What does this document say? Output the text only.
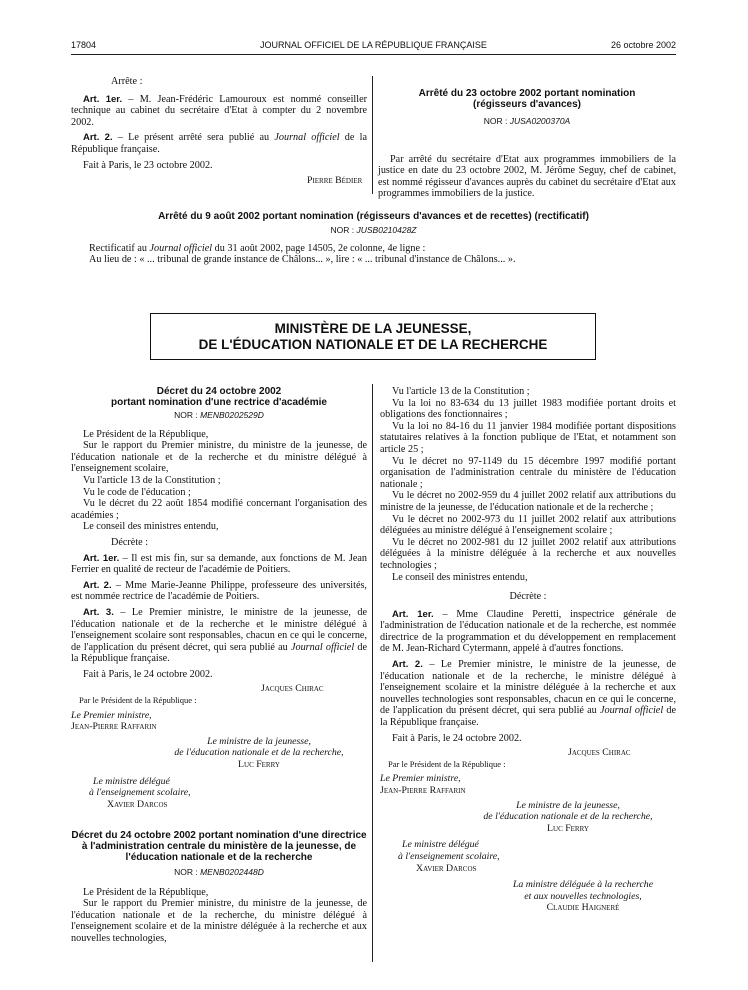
17804	JOURNAL OFFICIEL DE LA RÉPUBLIQUE FRANÇAISE	26 octobre 2002

Arrête :

Art. 1er. – M. Jean-Frédéric Lamouroux est nommé conseiller technique au cabinet du secrétaire d'Etat à compter du 2 novembre 2002.

Art. 2. – Le présent arrêté sera publié au Journal officiel de la République française.

Fait à Paris, le 23 octobre 2002.

Pierre Bédier

Arrêté du 23 octobre 2002 portant nomination (régisseurs d'avances)
NOR : JUSA0200370A

Par arrêté du secrétaire d'Etat aux programmes immobiliers de la justice en date du 23 octobre 2002, M. Jérôme Seguy, chef de cabinet, est nommé régisseur d'avances auprès du cabinet du secrétaire d'Etat aux programmes immobiliers de la justice.

Arrêté du 9 août 2002 portant nomination (régisseurs d'avances et de recettes) (rectificatif)
NOR : JUSB0210428Z

Rectificatif au Journal officiel du 31 août 2002, page 14505, 2e colonne, 4e ligne :

Au lieu de : « ... tribunal de grande instance de Châlons... », lire : « ... tribunal d'instance de Châlons... ».

MINISTÈRE DE LA JEUNESSE,
DE L'ÉDUCATION NATIONALE ET DE LA RECHERCHE
Décret du 24 octobre 2002
portant nomination d'une rectrice d'académie
NOR : MENB0202529D

Le Président de la République,

Sur le rapport du Premier ministre, du ministre de la jeunesse, de l'éducation nationale et de la recherche et du ministre délégué à l'enseignement scolaire,

Vu l'article 13 de la Constitution ;

Vu le code de l'éducation ;

Vu le décret du 22 août 1854 modifié concernant l'organisation des académies ;

Le conseil des ministres entendu,

Décrète :

Art. 1er. – Il est mis fin, sur sa demande, aux fonctions de M. Jean Ferrier en qualité de recteur de l'académie de Poitiers.

Art. 2. – Mme Marie-Jeanne Philippe, professeure des universités, est nommée rectrice de l'académie de Poitiers.

Art. 3. – Le Premier ministre, le ministre de la jeunesse, de l'éducation nationale et de la recherche et le ministre délégué à l'enseignement scolaire sont responsables, chacun en ce qui le concerne, de l'application du présent décret, qui sera publié au Journal officiel de la République française.

Fait à Paris, le 24 octobre 2002.

Jacques Chirac

Par le Président de la République :

Le Premier ministre,

Jean-Pierre Raffarin

Le ministre de la jeunesse,

de l'éducation nationale et de la recherche,

Luc Ferry

Le ministre délégué

à l'enseignement scolaire,

Xavier Darcos

Décret du 24 octobre 2002 portant nomination d'une directrice à l'administration centrale du ministère de la jeunesse, de l'éducation nationale et de la recherche
NOR : MENB0202448D

Le Président de la République,

Sur le rapport du Premier ministre, du ministre de la jeunesse, de l'éducation nationale et de la recherche, du ministre délégué à l'enseignement scolaire et de la ministre déléguée à la recherche et aux nouvelles technologies,

Vu l'article 13 de la Constitution ;

Vu la loi no 83-634 du 13 juillet 1983 modifiée portant droits et obligations des fonctionnaires ;

Vu la loi no 84-16 du 11 janvier 1984 modifiée portant dispositions statutaires relatives à la fonction publique de l'Etat, et notamment son article 25 ;

Vu le décret no 97-1149 du 15 décembre 1997 modifié portant organisation de l'administration centrale du ministère de l'éducation nationale ;

Vu le décret no 2002-959 du 4 juillet 2002 relatif aux attributions du ministre de la jeunesse, de l'éducation nationale et de la recherche ;

Vu le décret no 2002-973 du 11 juillet 2002 relatif aux attributions déléguées au ministre délégué à l'enseignement scolaire ;

Vu le décret no 2002-981 du 12 juillet 2002 relatif aux attributions déléguées à la ministre déléguée à la recherche et aux nouvelles technologies ;

Le conseil des ministres entendu,

Décrète :

Art. 1er. – Mme Claudine Peretti, inspectrice générale de l'administration de l'éducation nationale et de la recherche, est nommée directrice de la programmation et du développement en remplacement de M. Jean-Richard Cytermann, appelé à d'autres fonctions.

Art. 2. – Le Premier ministre, le ministre de la jeunesse, de l'éducation nationale et de la recherche, le ministre délégué à l'enseignement scolaire et la ministre déléguée à la recherche et aux nouvelles technologies sont responsables, chacun en ce qui le concerne, de l'application du présent décret, qui sera publié au Journal officiel de la République française.

Fait à Paris, le 24 octobre 2002.

Jacques Chirac

Par le Président de la République :

Le Premier ministre,

Jean-Pierre Raffarin

Le ministre de la jeunesse,

de l'éducation nationale et de la recherche,

Luc Ferry

Le ministre délégué

à l'enseignement scolaire,

Xavier Darcos

La ministre déléguée à la recherche

et aux nouvelles technologies,

Claudie Haigneré
